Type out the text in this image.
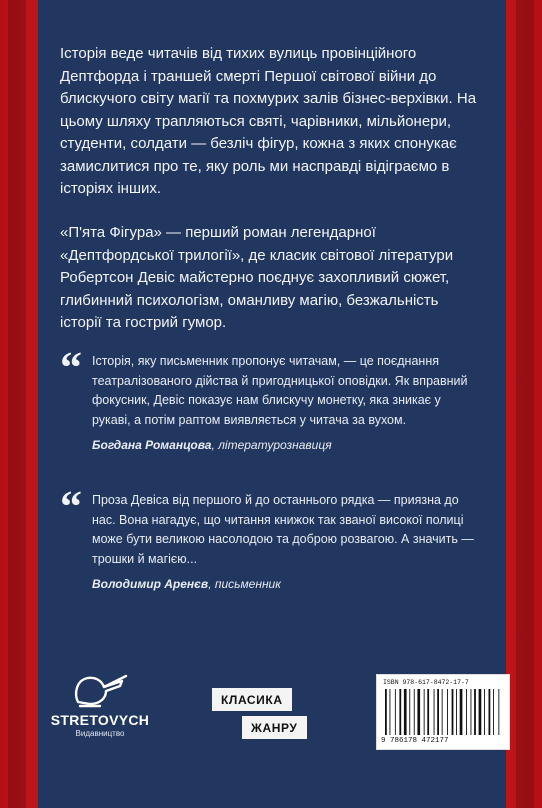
Історія веде читачів від тихих вулиць провінційного Дептфорда і траншей смерті Першої світової війни до блискучого світу магії та похмурих залів бізнес-верхівки. На цьому шляху трапляються святі, чарівники, мільйонери, студенти, солдати — безліч фігур, кожна з яких спонукає замислитися про те, яку роль ми насправді відіграємо в історіях інших.
«П'ята Фігура» — перший роман легендарної «Дептфордської трилогії», де класик світової літератури Робертсон Девіс майстерно поєднує захопливий сюжет, глибинний психологізм, оманливу магію, безжальність історії та гострий гумор.
“ Історія, яку письменник пропонує читачам, — це поєднання театралізованого дійства й пригодницької оповідки. Як вправний фокусник, Девіс показує нам блискучу монетку, яка зникає у рукаві, а потім раптом виявляється у читача за вухом.
Богдана Романцова, літературознавиця
“ Проза Девіса від першого й до останнього рядка — приязна до нас. Вона нагадує, що читання книжок так званої високої полиці може бути великою насолодою та доброю розвагою. А значить — трошки й магією...
Володимир Аренєв, письменник
STRETOVYCH
Видавництво
КЛАСИКА
ЖАНРУ
ISBN 978-617-8472-17-7
9 786178 472177
